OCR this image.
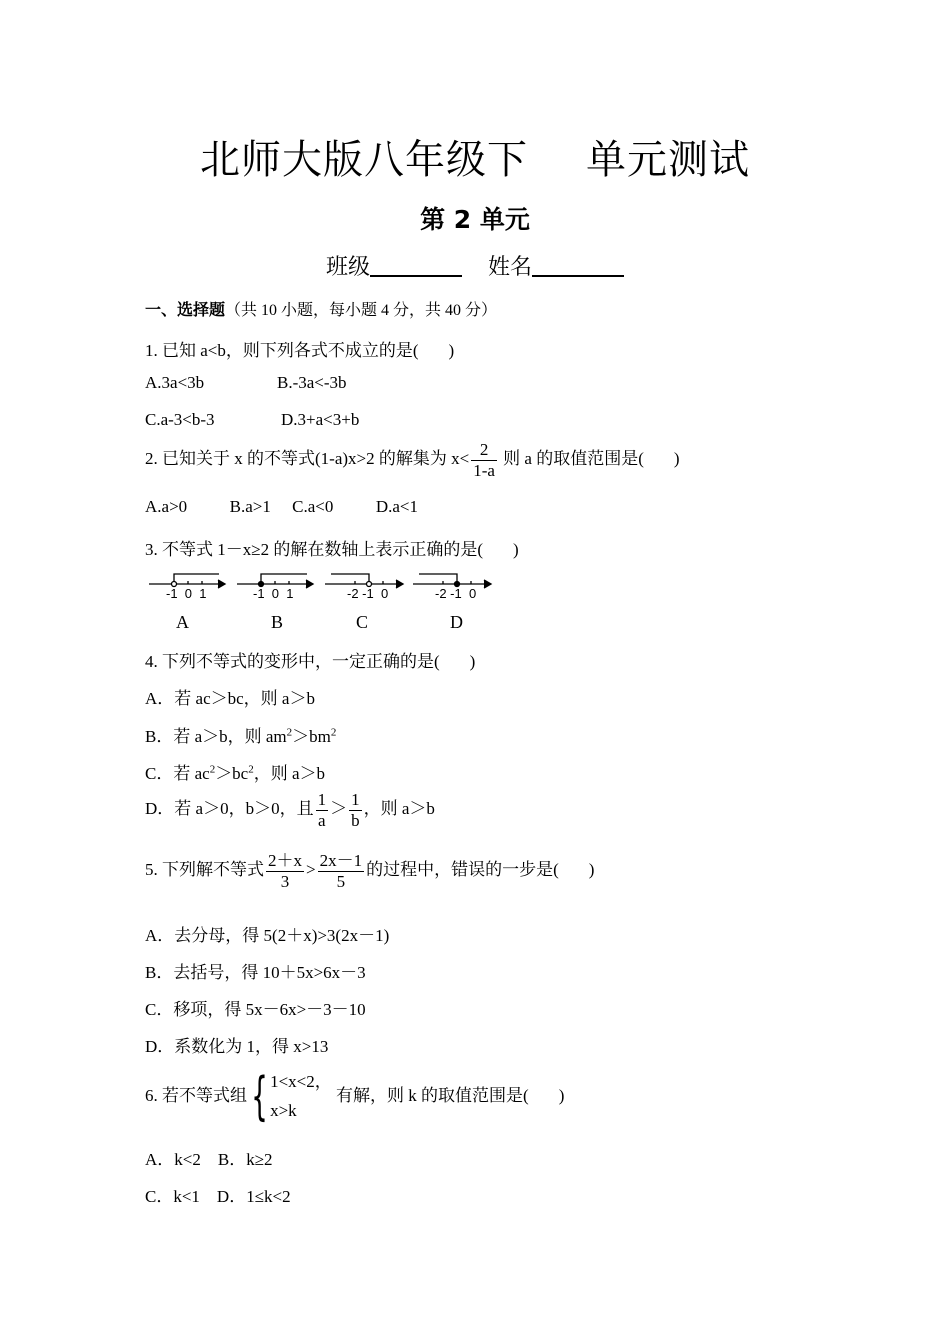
北师大版八年级下 单元测试
第 2 单元
班级	姓名
一、选择题（共 10 小题，每小题 4 分，共 40 分）
1. 已知 a<b，则下列各式不成立的是( )
A.3a<3b	B.-3a<-3b
C.a-3<b-3	D.3+a<3+b
2. 已知关于 x 的不等式(1-a)x>2 的解集为 $x< \frac{2}{1-a}$ 则 a 的取值范围是( )
A.a>0          B.a>1     C.a<0          D.a<1
3. 不等式 1－x≥2 的解在数轴上表示正确的是( )
-1  0  1	-1  0  1	-2 -1  0	-2 -1  0
A	B	C	D
4. 下列不等式的变形中，一定正确的是( )
A．若 ac＞bc，则 a＞b
B．若 a＞b，则 $am^2>bm^2$
C．若 $ac^2>bc^2$，则 a＞b
D．若 a＞0，b＞0，且 $\frac{1}{a} > \frac{1}{b}$ ，则 a＞b
5. 下列解不等式 $\frac{2+x}{3} > \frac{2x-1}{5}$ 的过程中，错误的一步是( )
A．去分母，得 5(2＋x)>3(2x－1)
B．去括号，得 10＋5x>6x－3
C．移项，得 5x－6x>－3－10
D．系数化为 1，得 x>13
6. 若不等式组{ 1<x<2，
x>k
有解，则 k 的取值范围是( )
A．k<2    B．k≥2
C．k<1    D．1≤k<2
